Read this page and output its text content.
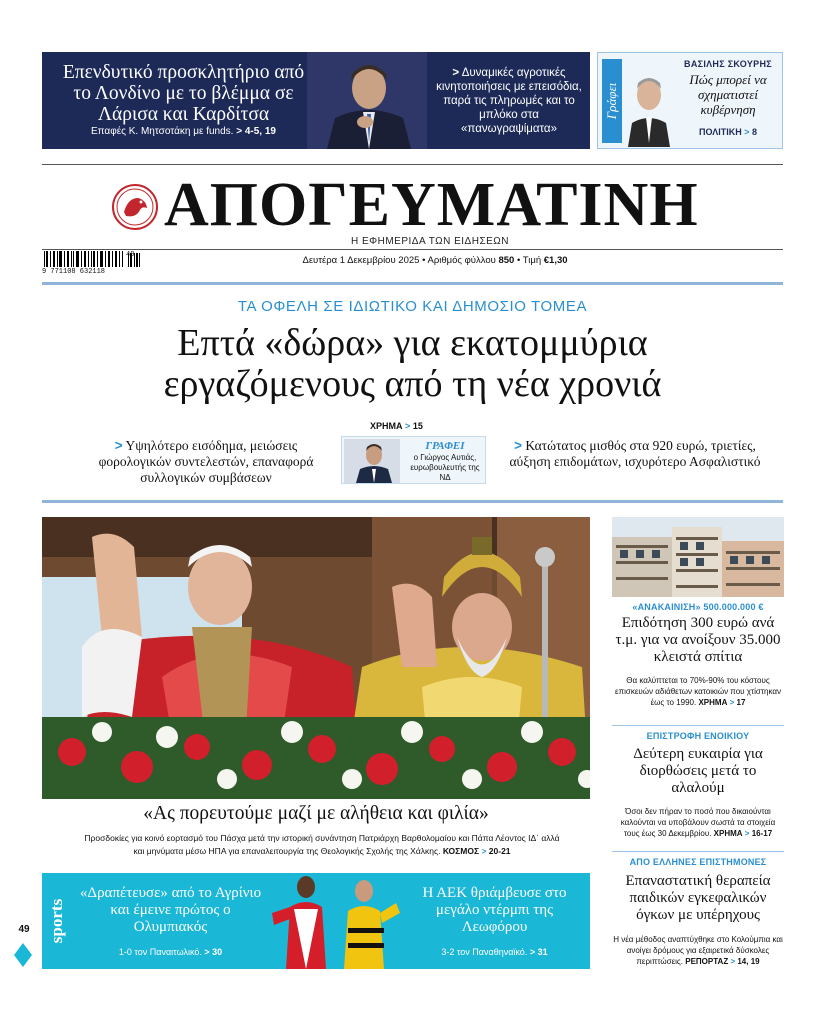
Επενδυτικό προσκλητήριο από το Λονδίνο με το βλέμμα σε Λάρισα και Καρδίτσα
Επαφές Κ. Μητσοτάκη με funds. > 4-5, 19
> Δυναμικές αγροτικές κινητοποιήσεις με επεισόδια, παρά τις πληρωμές και το μπλόκο στα «πανωγραψίματα»
Γράφει
ΒΑΣΙΛΗΣ ΣΚΟΥΡΗΣ
Πώς μπορεί να σχηματιστεί κυβέρνηση
ΠΟΛΙΤΙΚΗ > 8
ΑΠΟΓΕΥΜΑΤΙΝΗ
Η ΕΦΗΜΕΡΙΔΑ ΤΩΝ ΕΙΔΗΣΕΩΝ
9 771108 632118
49	Δευτέρα 1 Δεκεμβρίου 2025 • Αριθμός φύλλου 850 • Τιμή €1,30
ΤΑ ΟΦΕΛΗ ΣΕ ΙΔΙΩΤΙΚΟ ΚΑΙ ΔΗΜΟΣΙΟ ΤΟΜΕΑ
Επτά «δώρα» για εκατομμύρια
εργαζόμενους από τη νέα χρονιά
ΧΡΗΜΑ > 15
> Υψηλότερο εισόδημα, μειώσεις φορολογικών συντελεστών, επαναφορά συλλογικών συμβάσεων
ΓΡΑΦΕΙ
ο Γιώργος Αυτιάς, ευρωβουλευτής της ΝΔ
> Κατώτατος μισθός στα 920 ευρώ, τριετίες, αύξηση επιδομάτων, ισχυρότερο Ασφαλιστικό
«Ας πορευτούμε μαζί με αλήθεια και φιλία»
Προσδοκίες για κοινό εορτασμό του Πάσχα μετά την ιστορική συνάντηση Πατριάρχη Βαρθολομαίου και Πάπα Λέοντος ΙΔ΄ αλλά και μηνύματα μέσω ΗΠΑ για επαναλειτουργία της Θεολογικής Σχολής της Χάλκης. ΚΟΣΜΟΣ > 20-21
sports
«Δραπέτευσε» από το Αγρίνιο και έμεινε πρώτος ο Ολυμπιακός
1-0 τον Παναιτωλικό. > 30
Η ΑΕΚ θριάμβευσε στο μεγάλο ντέρμπι της Λεωφόρου
3-2 τον Παναθηναϊκό. > 31
49
«ΑΝΑΚΑΙΝΙΣΗ» 500.000.000 €
Επιδότηση 300 ευρώ ανά τ.μ. για να ανοίξουν 35.000 κλειστά σπίτια
Θα καλύπτεται το 70%-90% του κόστους επισκευών αδιάθετων κατοικιών που χτίστηκαν έως το 1990. ΧΡΗΜΑ > 17
ΕΠΙΣΤΡΟΦΗ ΕΝΟΙΚΙΟΥ
Δεύτερη ευκαιρία για διορθώσεις μετά το αλαλούμ
Όσοι δεν πήραν το ποσό που δικαιούνται καλούνται να υποβάλουν σωστά τα στοιχεία τους έως 30 Δεκεμβρίου. ΧΡΗΜΑ > 16-17
ΑΠΟ ΕΛΛΗΝΕΣ ΕΠΙΣΤΗΜΟΝΕΣ
Επαναστατική θεραπεία παιδικών εγκεφαλικών όγκων με υπέρηχους
Η νέα μέθοδος αναπτύχθηκε στο Κολούμπια και ανοίγει δρόμους για εξαιρετικά δύσκολες περιπτώσεις. ΡΕΠΟΡΤΑΖ > 14, 19
